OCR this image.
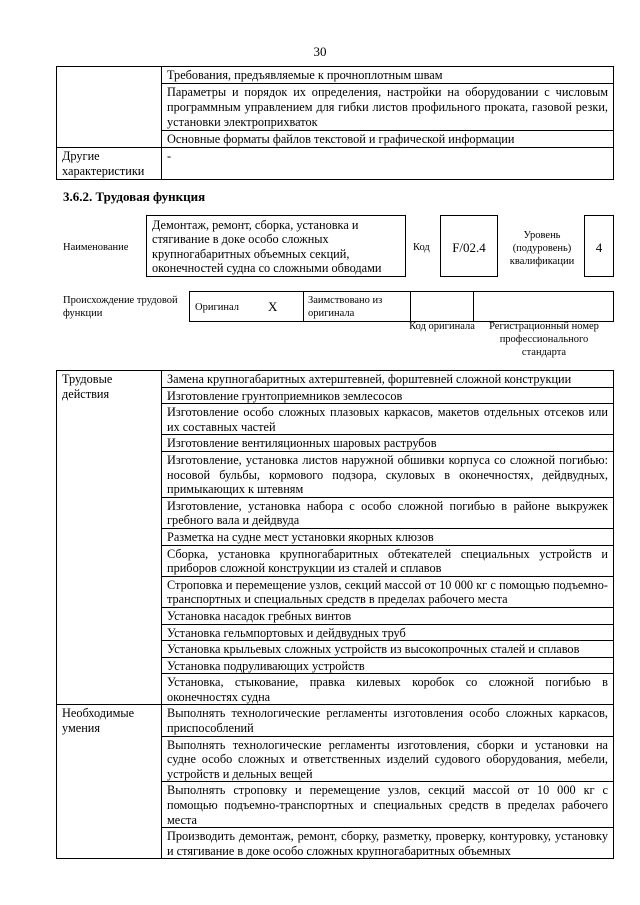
30
	Требования, предъявляемые к прочноплотным швам
	Параметры и порядок их определения, настройки на оборудовании с числовым программным управлением для гибки листов профильного проката, газовой резки, установки электроприхваток
	Основные форматы файлов текстовой и графической информации
Другие характеристики	-
3.6.2. Трудовая функция
Наименование
Демонтаж, ремонт, сборка, установка и стягивание в доке особо сложных крупногабаритных объемных секций, оконечностей судна со сложными обводами
Код	F/02.4
Уровень (подуровень) квалификации
4
Происхождение трудовой функции
Оригинал X	Заимствовано из оригинала
Код оригинала	Регистрационный номер профессионального стандарта
Трудовые действия	Замена крупногабаритных ахтерштевней, форштевней сложной конструкции
	Изготовление грунтоприемников землесосов
	Изготовление особо сложных плазовых каркасов, макетов отдельных отсеков или их составных частей
	Изготовление вентиляционных шаровых раструбов
	Изготовление, установка листов наружной обшивки корпуса со сложной погибью: носовой бульбы, кормового подзора, скуловых в оконечностях, дейдвудных, примыкающих к штевням
	Изготовление, установка набора с особо сложной погибью в районе выкружек гребного вала и дейдвуда
	Разметка на судне мест установки якорных клюзов
	Сборка, установка крупногабаритных обтекателей специальных устройств и приборов сложной конструкции из сталей и сплавов
	Строповка и перемещение узлов, секций массой от 10 000 кг с помощью подъемно-транспортных и специальных средств в пределах рабочего места
	Установка насадок гребных винтов
	Установка гельмпортовых и дейдвудных труб
	Установка крыльевых сложных устройств из высокопрочных сталей и сплавов
	Установка подруливающих устройств
	Установка, стыкование, правка килевых коробок со сложной погибью в оконечностях судна
Необходимые умения	Выполнять технологические регламенты изготовления особо сложных каркасов, приспособлений
	Выполнять технологические регламенты изготовления, сборки и установки на судне особо сложных и ответственных изделий судового оборудования, мебели, устройств и дельных вещей
	Выполнять строповку и перемещение узлов, секций массой от 10 000 кг с помощью подъемно-транспортных и специальных средств в пределах рабочего места
	Производить демонтаж, ремонт, сборку, разметку, проверку, контуровку, установку и стягивание в доке особо сложных крупногабаритных объемных
